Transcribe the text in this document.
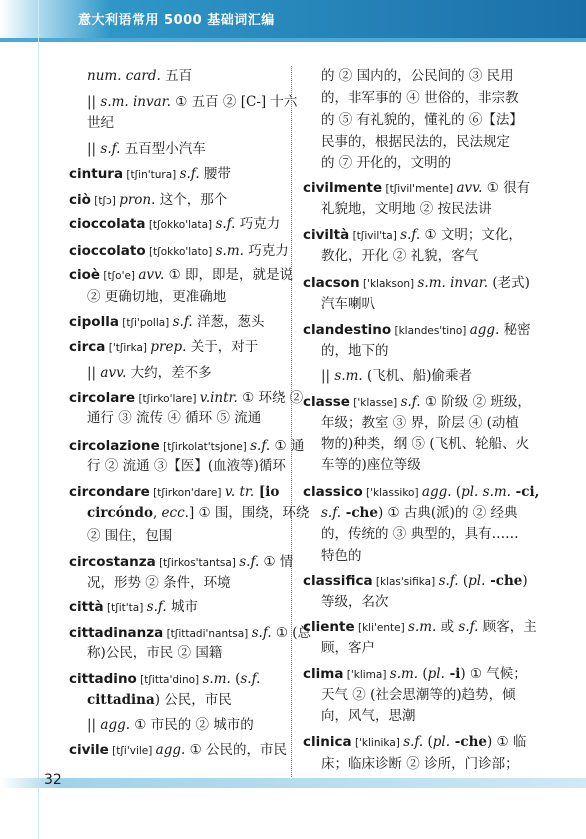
意大利语常用 5000 基础词汇编
num. card. 五百
|| s.m. invar. ① 五百 ② [C-] 十六
世纪
|| s.f. 五百型小汽车
cintura [tʃin'tura] s.f. 腰带
ciò [tʃɔ] pron. 这个，那个
cioccolata [tʃokko'lata] s.f. 巧克力
cioccolato [tʃokko'lato] s.m. 巧克力
cioè [tʃo'e] avv. ① 即，即是，就是说
② 更确切地，更准确地
cipolla [tʃi'polla] s.f. 洋葱，葱头
circa ['tʃirka] prep. 关于，对于
|| avv. 大约，差不多
circolare [tʃirko'lare] v.intr. ① 环绕 ②
通行 ③ 流传 ④ 循环 ⑤ 流通
circolazione [tʃirkolat'tsjone] s.f. ① 通
行 ② 流通 ③【医】(血液等)循环
circondare [tʃirkon'dare] v. tr. [io
circóndo, ecc.] ① 围，围绕，环绕
② 围住，包围
circostanza [tʃirkos'tantsa] s.f. ① 情
况，形势 ② 条件，环境
città [tʃit'ta] s.f. 城市
cittadinanza [tʃittadi'nantsa] s.f. ① (总
称)公民，市民 ② 国籍
cittadino [tʃitta'dino] s.m. (s.f.
cittadina) 公民，市民
|| agg. ① 市民的 ② 城市的
civile [tʃi'vile] agg. ① 公民的，市民
的 ② 国内的，公民间的 ③ 民用
的，非军事的 ④ 世俗的，非宗教
的 ⑤ 有礼貌的，懂礼的 ⑥【法】
民事的，根据民法的，民法规定
的 ⑦ 开化的，文明的
civilmente [tʃivil'mente] avv. ① 很有
礼貌地，文明地 ② 按民法讲
civiltà [tʃivil'ta] s.f. ① 文明；文化，
教化，开化 ② 礼貌，客气
clacson ['klakson] s.m. invar. (老式)
汽车喇叭
clandestino [klandes'tino] agg. 秘密
的，地下的
|| s.m. (飞机、船)偷乘者
classe ['klasse] s.f. ① 阶级 ② 班级，
年级；教室 ③ 界，阶层 ④ (动植
物的)种类，纲 ⑤ (飞机、轮船、火
车等的)座位等级
classico ['klassiko] agg. (pl. s.m. -ci,
s.f. -che) ① 古典(派)的 ② 经典
的，传统的 ③ 典型的，具有……
特色的
classifica [klas'sifika] s.f. (pl. -che)
等级，名次
cliente [kli'ente] s.m. 或 s.f. 顾客，主
顾，客户
clima ['klima] s.m. (pl. -i) ① 气候；
天气 ② (社会思潮等的)趋势，倾
向，风气，思潮
clinica ['klinika] s.f. (pl. -che) ① 临
床；临床诊断 ② 诊所，门诊部；
32
